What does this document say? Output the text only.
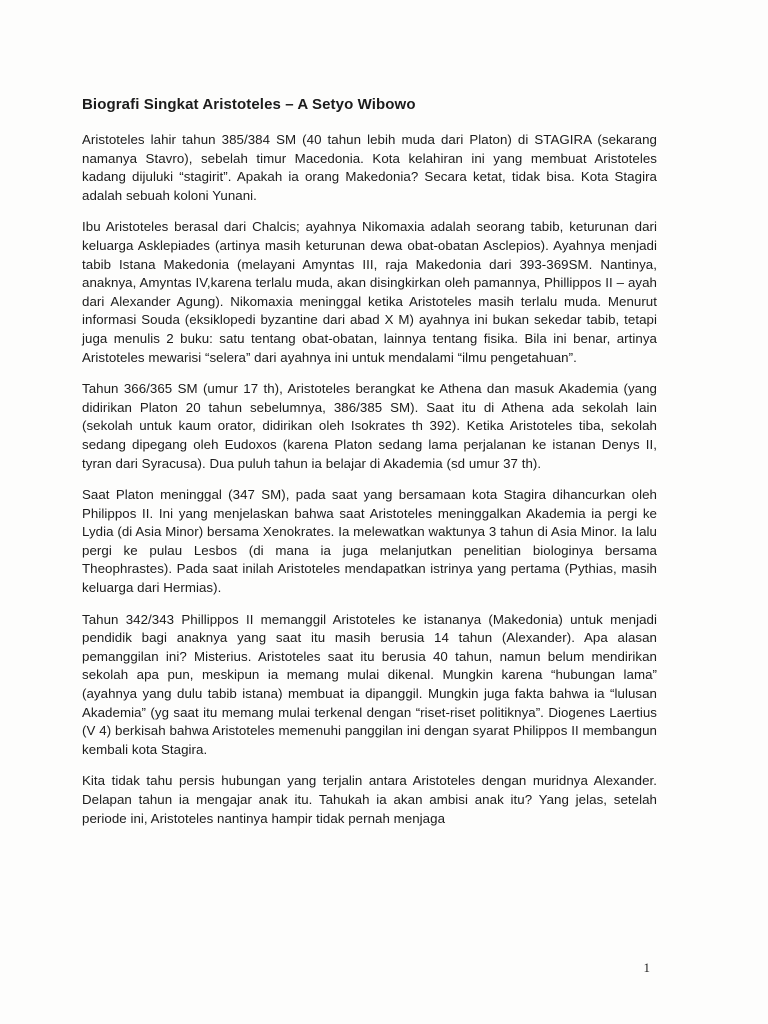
Biografi Singkat Aristoteles – A Setyo Wibowo

Aristoteles lahir tahun 385/384 SM (40 tahun lebih muda dari Platon) di STAGIRA (sekarang namanya Stavro), sebelah timur Macedonia. Kota kelahiran ini yang membuat Aristoteles kadang dijuluki “stagirit”. Apakah ia orang Makedonia? Secara ketat, tidak bisa. Kota Stagira adalah sebuah koloni Yunani.

Ibu Aristoteles berasal dari Chalcis; ayahnya Nikomaxia adalah seorang tabib, keturunan dari keluarga Asklepiades (artinya masih keturunan dewa obat-obatan Asclepios). Ayahnya menjadi tabib Istana Makedonia (melayani Amyntas III, raja Makedonia dari 393-369SM. Nantinya, anaknya, Amyntas IV,karena terlalu muda, akan disingkirkan oleh pamannya, Phillippos II – ayah dari Alexander Agung). Nikomaxia meninggal ketika Aristoteles masih terlalu muda. Menurut informasi Souda (eksiklopedi byzantine dari abad X M) ayahnya ini bukan sekedar tabib, tetapi juga menulis 2 buku: satu tentang obat-obatan, lainnya tentang fisika. Bila ini benar, artinya Aristoteles mewarisi “selera” dari ayahnya ini untuk mendalami “ilmu pengetahuan”.

Tahun 366/365 SM (umur 17 th), Aristoteles berangkat ke Athena dan masuk Akademia (yang didirikan Platon 20 tahun sebelumnya, 386/385 SM). Saat itu di Athena ada sekolah lain (sekolah untuk kaum orator, didirikan oleh Isokrates th 392). Ketika Aristoteles tiba, sekolah sedang dipegang oleh Eudoxos (karena Platon sedang lama perjalanan ke istanan Denys II, tyran dari Syracusa). Dua puluh tahun ia belajar di Akademia (sd umur 37 th).

Saat Platon meninggal (347 SM), pada saat yang bersamaan kota Stagira dihancurkan oleh Philippos II. Ini yang menjelaskan bahwa saat Aristoteles meninggalkan Akademia ia pergi ke Lydia (di Asia Minor) bersama Xenokrates. Ia melewatkan waktunya 3 tahun di Asia Minor. Ia lalu pergi ke pulau Lesbos (di mana ia juga melanjutkan penelitian biologinya bersama Theophrastes). Pada saat inilah Aristoteles mendapatkan istrinya yang pertama (Pythias, masih keluarga dari Hermias).

Tahun 342/343 Phillippos II memanggil Aristoteles ke istananya (Makedonia) untuk menjadi pendidik bagi anaknya yang saat itu masih berusia 14 tahun (Alexander). Apa alasan pemanggilan ini? Misterius. Aristoteles saat itu berusia 40 tahun, namun belum mendirikan sekolah apa pun, meskipun ia memang mulai dikenal. Mungkin karena “hubungan lama” (ayahnya yang dulu tabib istana) membuat ia dipanggil. Mungkin juga fakta bahwa ia “lulusan Akademia” (yg saat itu memang mulai terkenal dengan “riset-riset politiknya”. Diogenes Laertius (V 4) berkisah bahwa Aristoteles memenuhi panggilan ini dengan syarat Philippos II membangun kembali kota Stagira.

Kita tidak tahu persis hubungan yang terjalin antara Aristoteles dengan muridnya Alexander. Delapan tahun ia mengajar anak itu. Tahukah ia akan ambisi anak itu? Yang jelas, setelah periode ini, Aristoteles nantinya hampir tidak pernah menjaga

1
